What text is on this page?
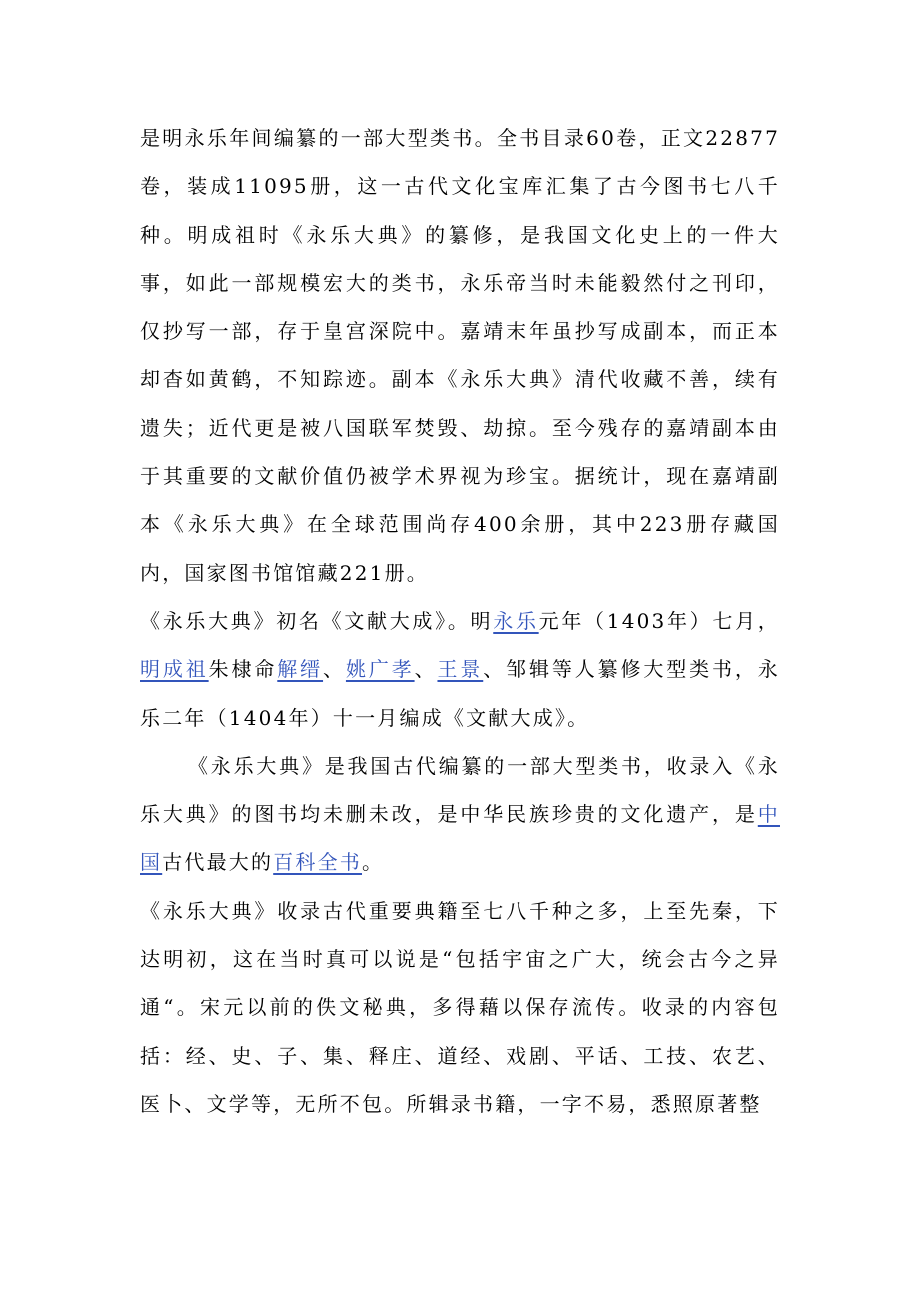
是明永乐年间编纂的一部大型类书。全书目录60卷，正文22877卷，装成11095册，这一古代文化宝库汇集了古今图书七八千种。明成祖时《永乐大典》的纂修，是我国文化史上的一件大事，如此一部规模宏大的类书，永乐帝当时未能毅然付之刊印，仅抄写一部，存于皇宫深院中。嘉靖末年虽抄写成副本，而正本却杳如黄鹤，不知踪迹。副本《永乐大典》清代收藏不善，续有遗失；近代更是被八国联军焚毁、劫掠。至今残存的嘉靖副本由于其重要的文献价值仍被学术界视为珍宝。据统计，现在嘉靖副本《永乐大典》在全球范围尚存400余册，其中223册存藏国内，国家图书馆馆藏221册。

《永乐大典》初名《文献大成》。明永乐元年（1403年）七月，明成祖朱棣命解缙、姚广孝、王景、邹辑等人纂修大型类书，永乐二年（1404年）十一月编成《文献大成》。

《永乐大典》是我国古代编纂的一部大型类书，收录入《永乐大典》的图书均未删未改，是中华民族珍贵的文化遗产，是中国古代最大的百科全书。

《永乐大典》收录古代重要典籍至七八千种之多，上至先秦，下达明初，这在当时真可以说是“包括宇宙之广大，统会古今之异通“。宋元以前的佚文秘典，多得藉以保存流传。收录的内容包括：经、史、子、集、释庄、道经、戏剧、平话、工技、农艺、医卜、文学等，无所不包。所辑录书籍，一字不易，悉照原著整
